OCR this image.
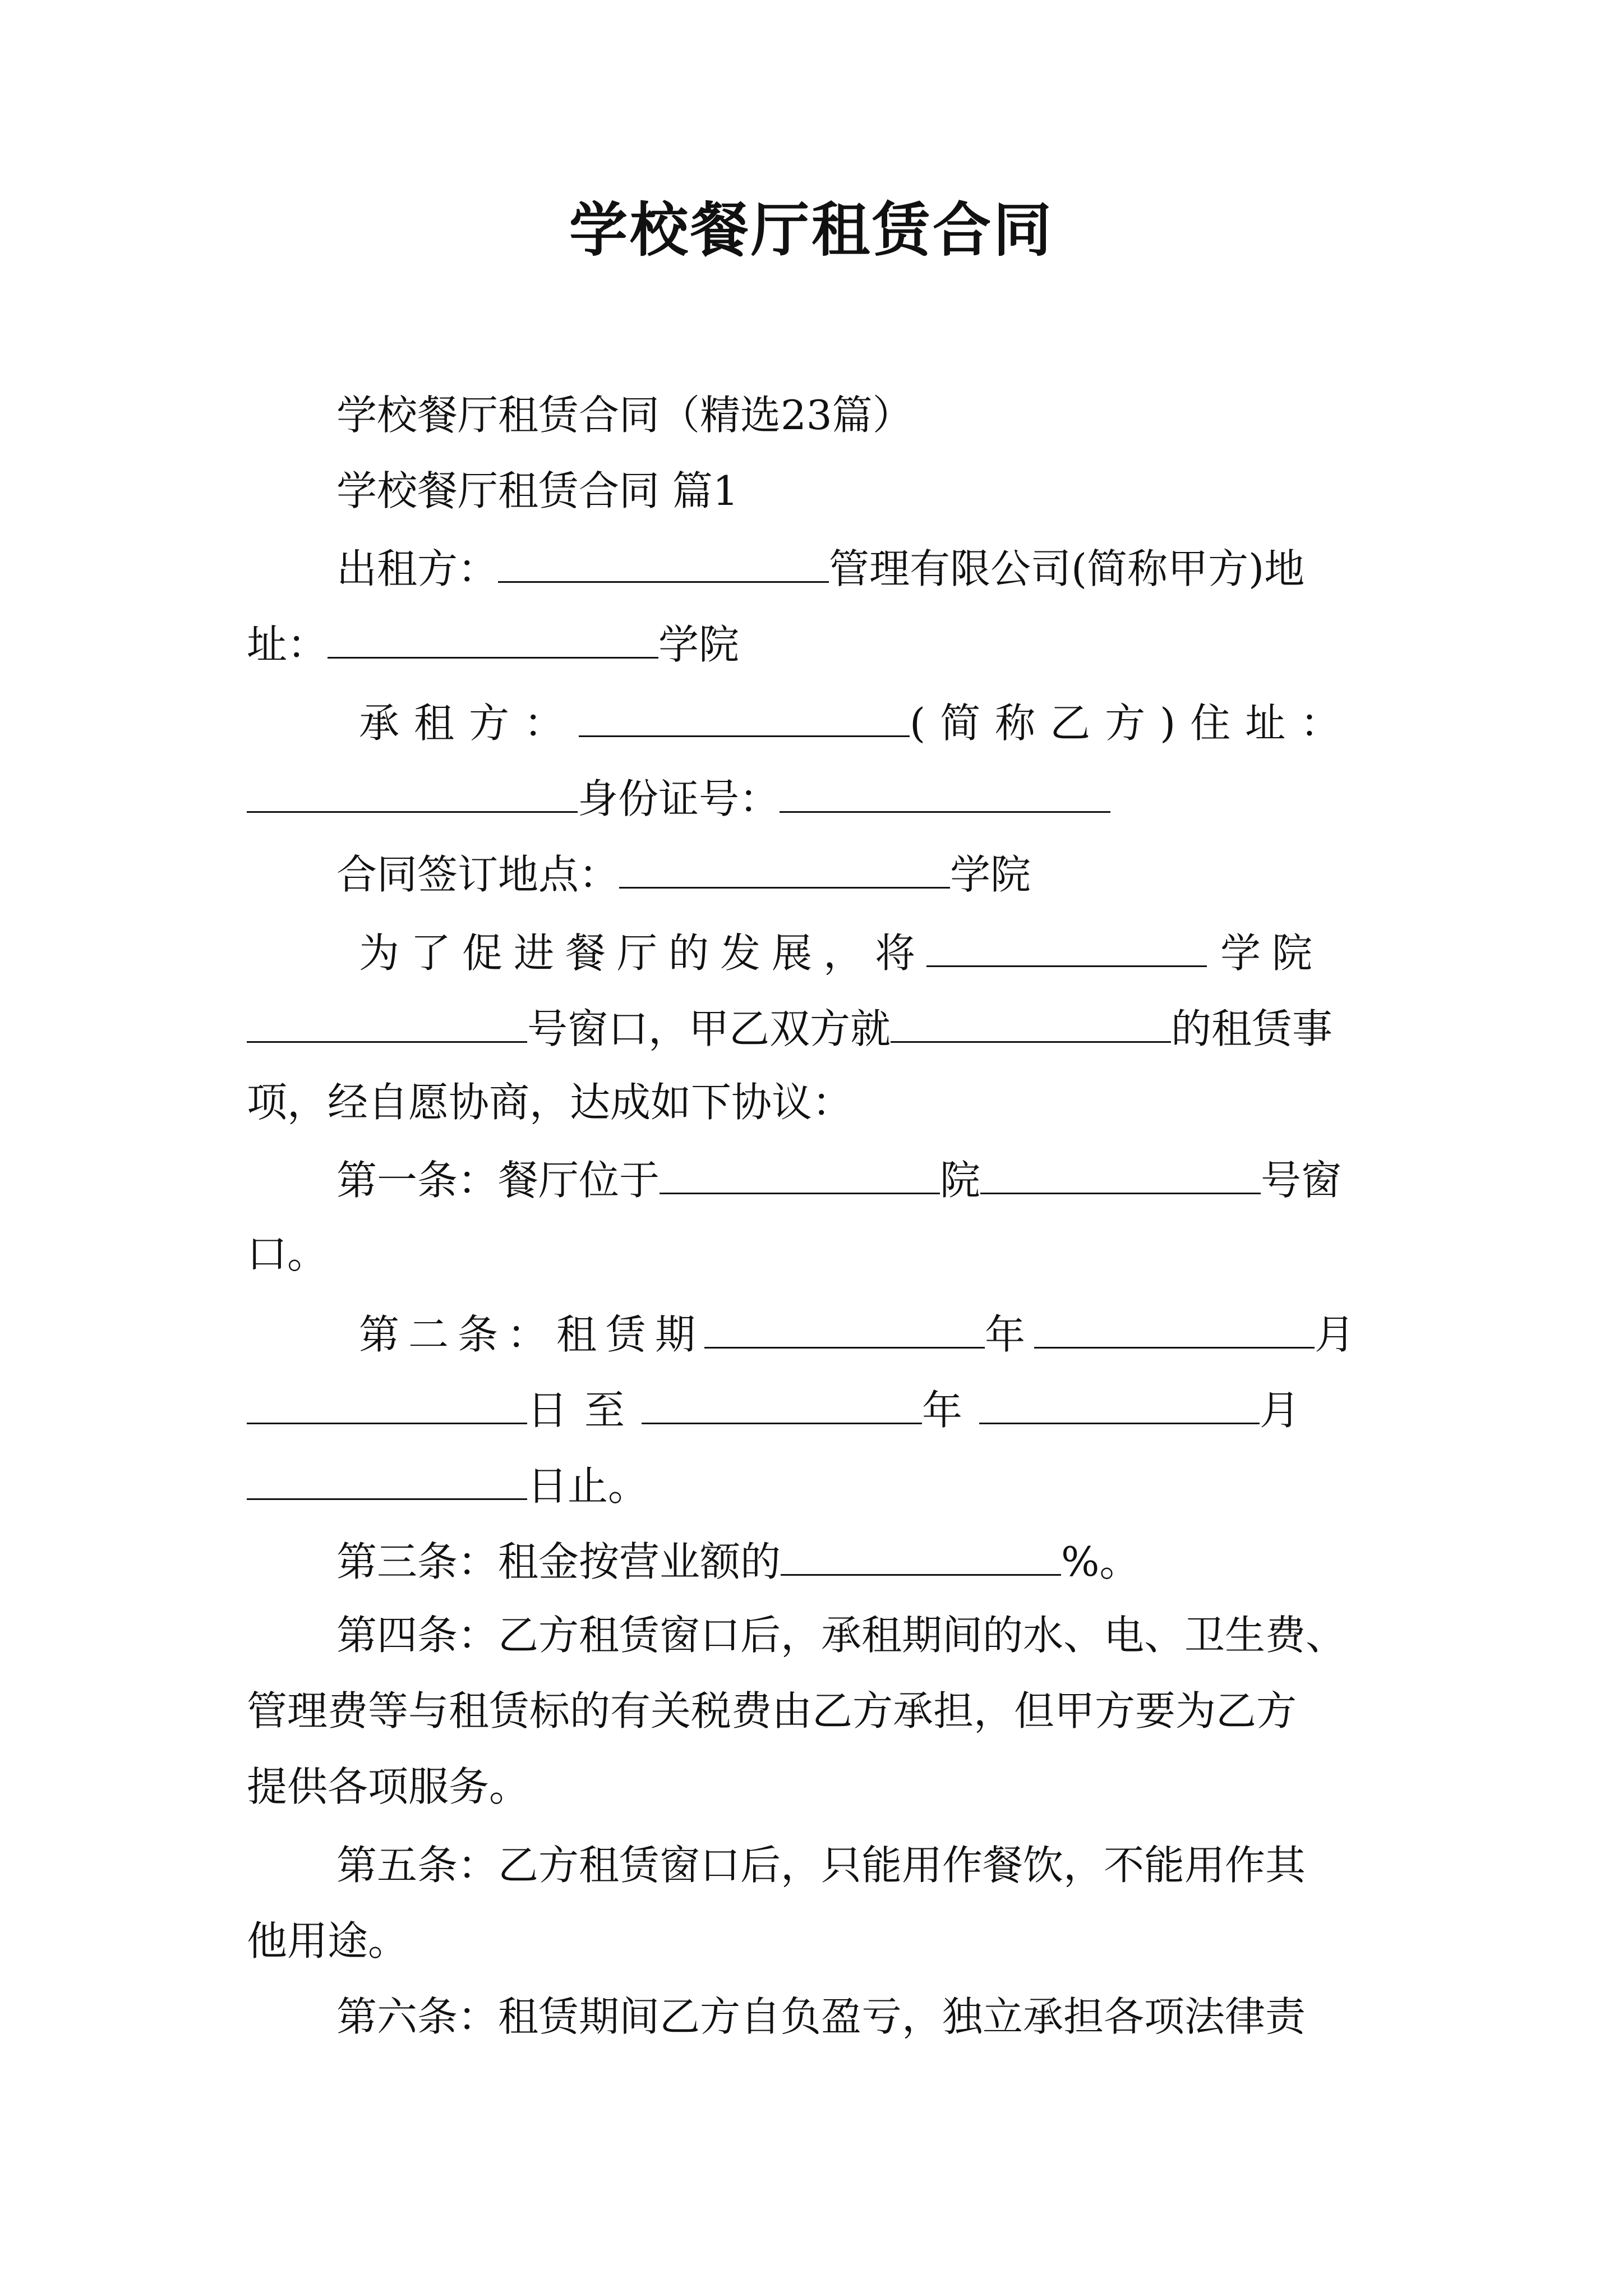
学校餐厅租赁合同
学校餐厅租赁合同（精选23篇）
学校餐厅租赁合同 篇1
出租方：	管理有限公司(简称甲方)地
址：	学院
承租方：	(简称乙方)住址：
身份证号：
合同签订地点：	学院
为了促进餐厅的发展，将	学院
号窗口，甲乙双方就	的租赁事
项，经自愿协商，达成如下协议：
第一条：餐厅位于	院	号窗
口。
第二条：租赁期	年	月
日至	年	月
日止。
第三条：租金按营业额的	%。
第四条：乙方租赁窗口后，承租期间的水、电、卫生费、
管理费等与租赁标的有关税费由乙方承担，但甲方要为乙方
提供各项服务。
第五条：乙方租赁窗口后，只能用作餐饮，不能用作其
他用途。
第六条：租赁期间乙方自负盈亏，独立承担各项法律责
